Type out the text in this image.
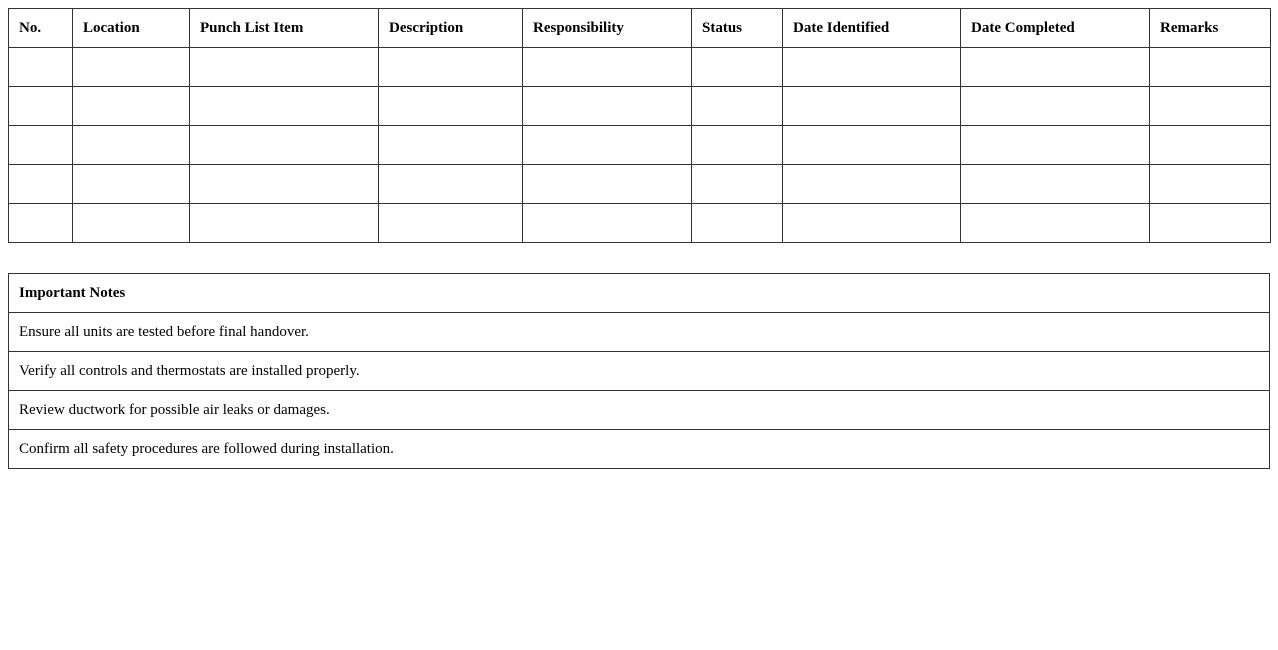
No.	Location	Punch List Item	Description	Responsibility	Status	Date Identified	Date Completed	Remarks

Important Notes
Ensure all units are tested before final handover.
Verify all controls and thermostats are installed properly.
Review ductwork for possible air leaks or damages.
Confirm all safety procedures are followed during installation.
